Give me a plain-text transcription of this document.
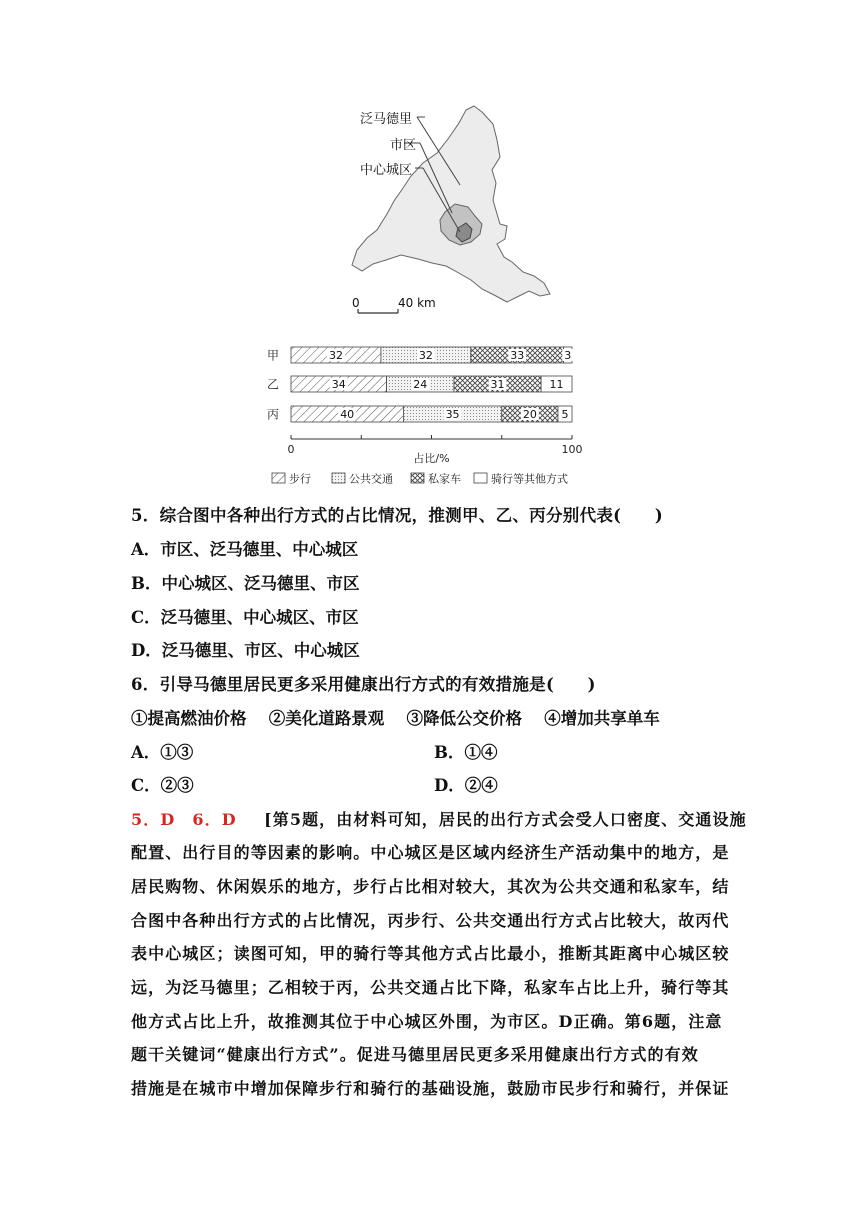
泛马德里
市区
中心城区
0	40 km
甲	32	32	33	3
乙	34	24	31	11
丙	40	35	20 5
0	100
占比/%
步行	公共交通	私家车	骑行等其他方式
5．综合图中各种出行方式的占比情况，推测甲、乙、丙分别代表(　　)
A．市区、泛马德里、中心城区
B．中心城区、泛马德里、市区
C．泛马德里、中心城区、市区
D．泛马德里、市区、中心城区
6．引导马德里居民更多采用健康出行方式的有效措施是(　　)
①提高燃油价格　 ②美化道路景观　 ③降低公交价格　 ④增加共享单车
A．①③	B．①④
C．②③	D．②④
5．D　6．D [第5题，由材料可知，居民的出行方式会受人口密度、交通设施
配置、出行目的等因素的影响。中心城区是区域内经济生产活动集中的地方，是
居民购物、休闲娱乐的地方，步行占比相对较大，其次为公共交通和私家车，结
合图中各种出行方式的占比情况，丙步行、公共交通出行方式占比较大，故丙代
表中心城区；读图可知，甲的骑行等其他方式占比最小，推断其距离中心城区较
远，为泛马德里；乙相较于丙，公共交通占比下降，私家车占比上升，骑行等其
他方式占比上升，故推测其位于中心城区外围，为市区。D正确。第6题，注意
题干关键词“健康出行方式”。促进马德里居民更多采用健康出行方式的有效
措施是在城市中增加保障步行和骑行的基础设施，鼓励市民步行和骑行，并保证
